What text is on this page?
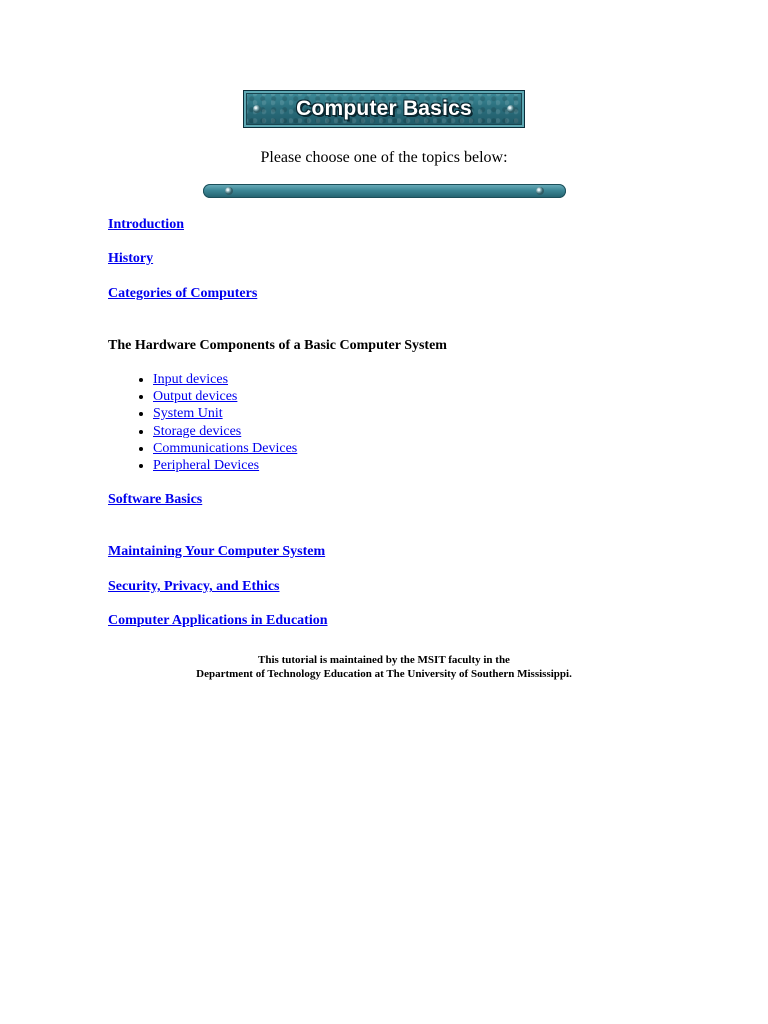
Computer Basics
Please choose one of the topics below:
Introduction
History
Categories of Computers
The Hardware Components of a Basic Computer System
• Input devices
• Output devices
• System Unit
• Storage devices
• Communications Devices
• Peripheral Devices
Software Basics
Maintaining Your Computer System
Security, Privacy, and Ethics
Computer Applications in Education
This tutorial is maintained by the MSIT faculty in the
Department of Technology Education at The University of Southern Mississippi.
